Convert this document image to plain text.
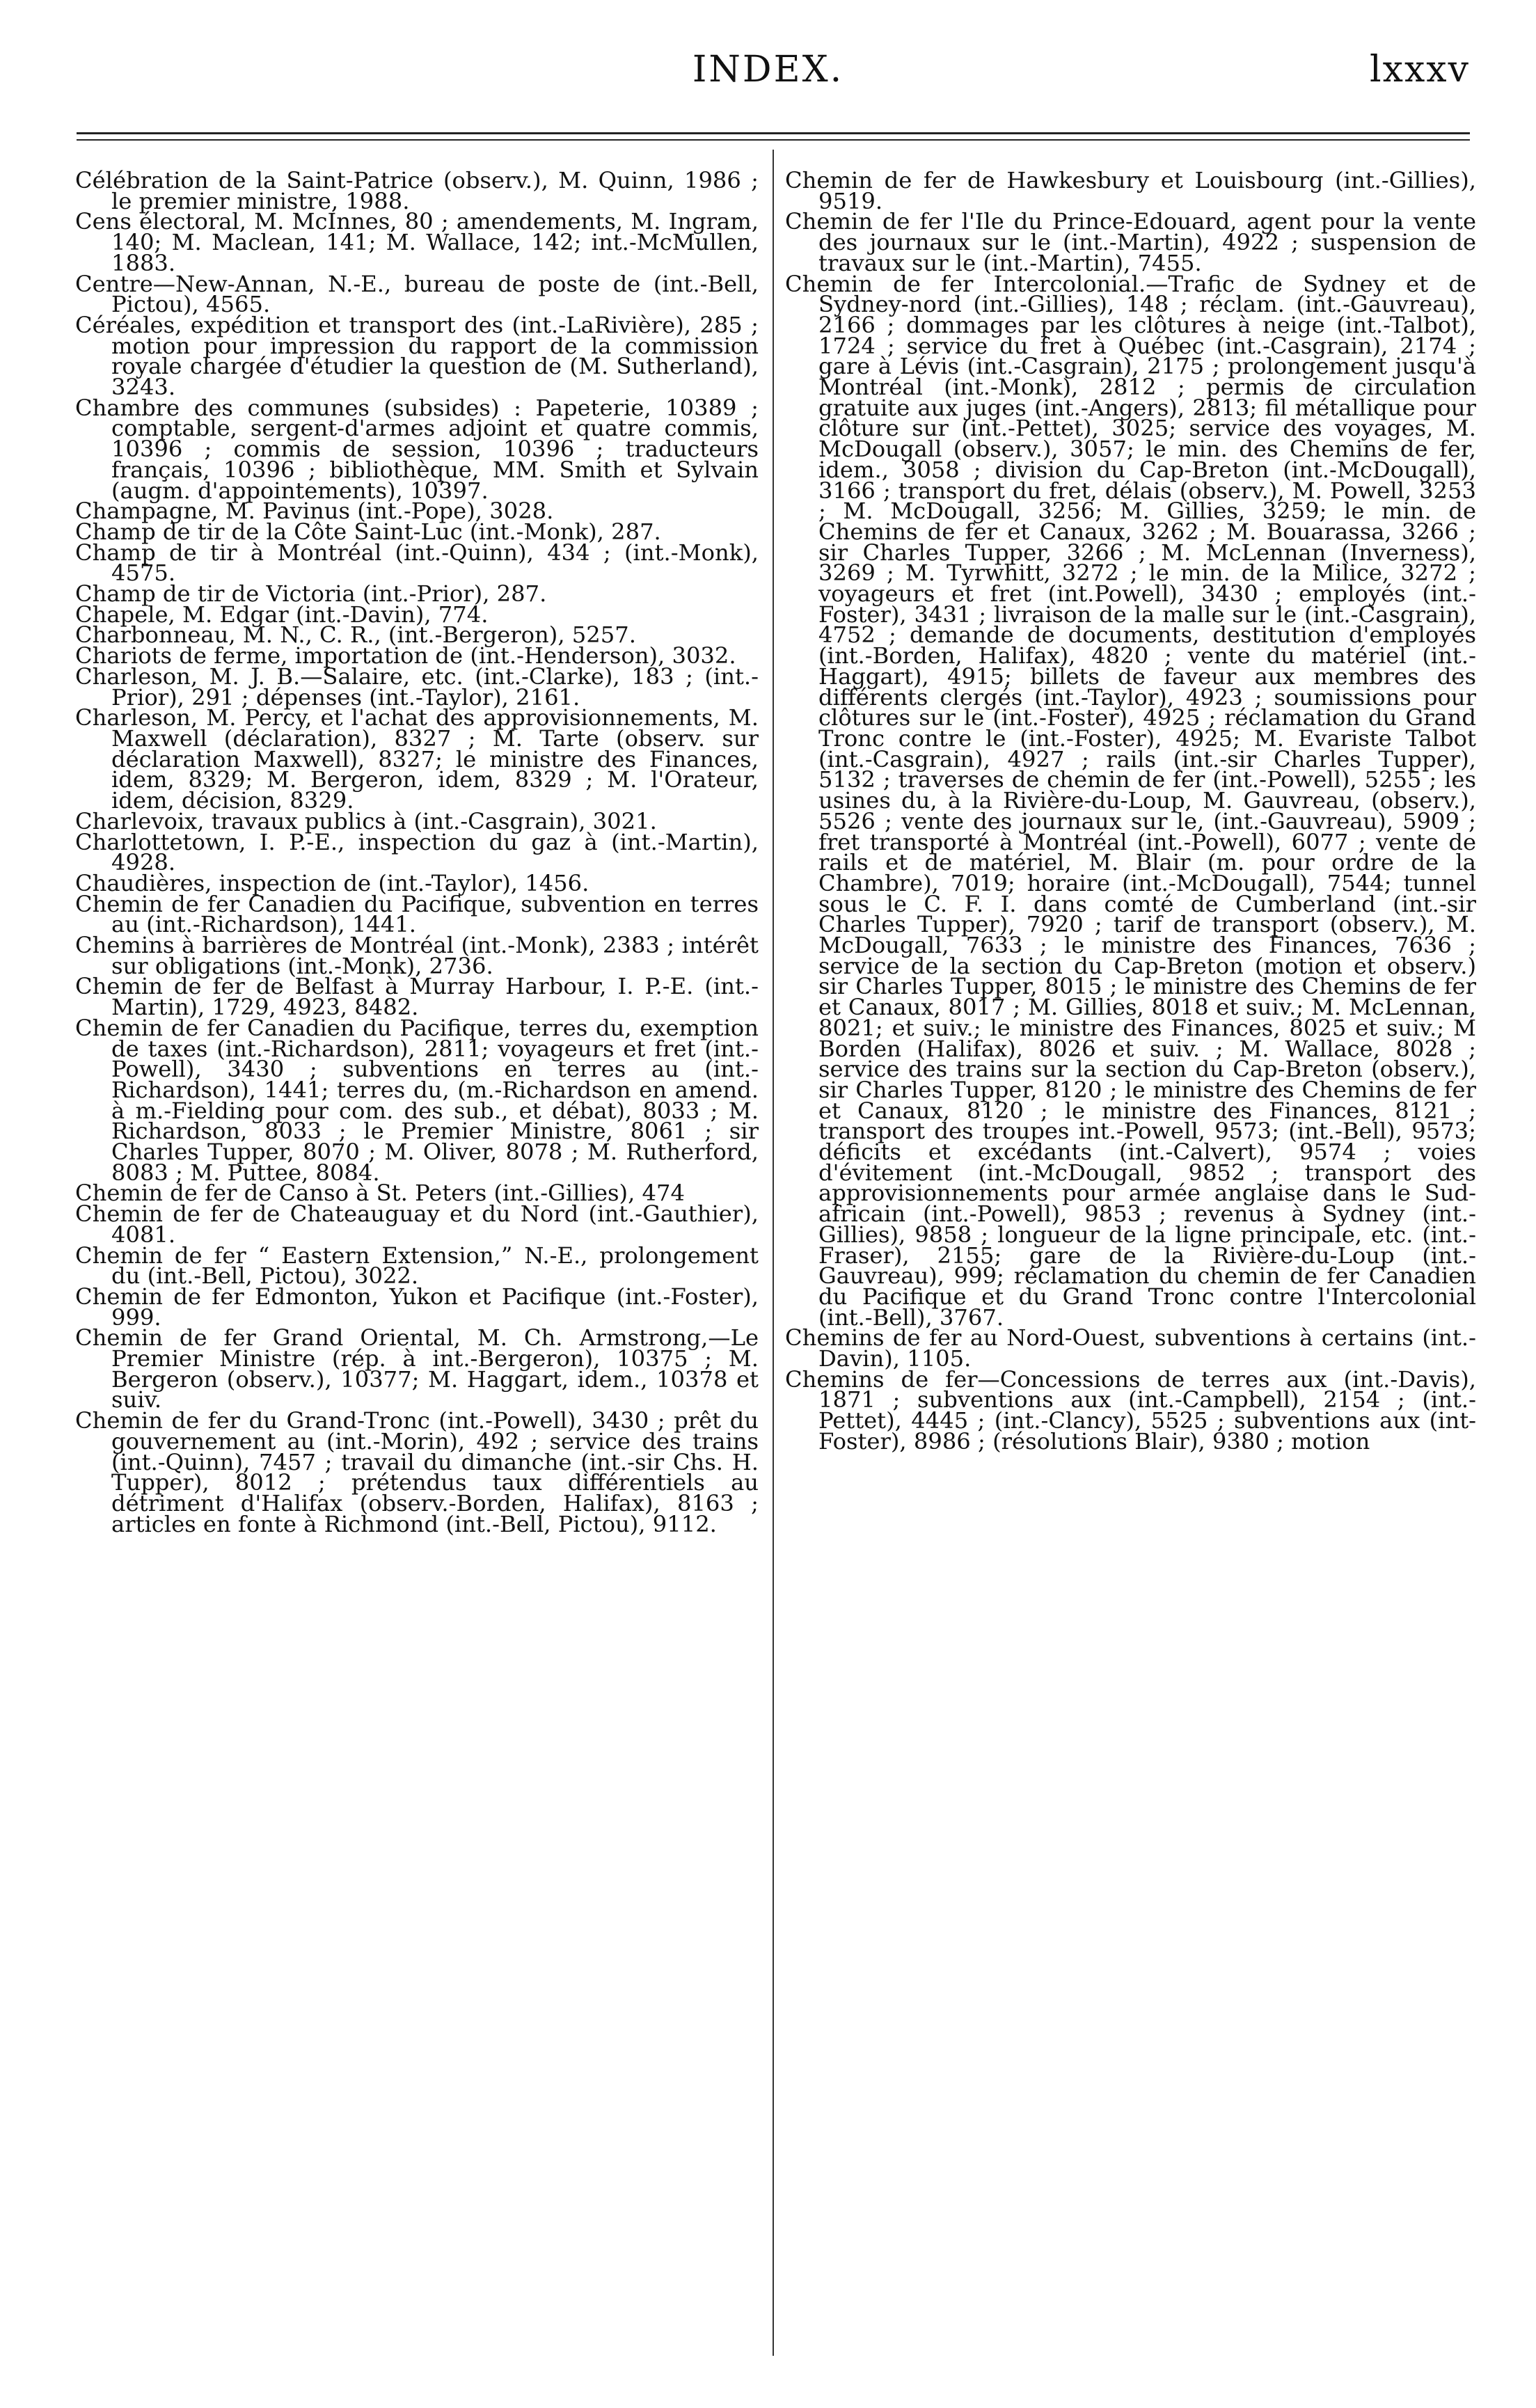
INDEX.	lxxxv

Célébration de la Saint-Patrice (observ.), M. Quinn, 1986 ; le premier ministre, 1988.

Cens électoral, M. McInnes, 80 ; amendements, M. Ingram, 140; M. Maclean, 141; M. Wallace, 142; int.-McMullen, 1883.

Centre—New-Annan, N.-E., bureau de poste de (int.-Bell, Pictou), 4565.

Céréales, expédition et transport des (int.-LaRivière), 285 ; motion pour impression du rapport de la commission royale chargée d'étudier la question de (M. Sutherland), 3243.

Chambre des communes (subsides) : Papeterie, 10389 ; comptable, sergent-d'armes adjoint et quatre commis, 10396 ; commis de session, 10396 ; traducteurs français, 10396 ; bibliothèque, MM. Smith et Sylvain (augm. d'appointements), 10397.

Champagne, M. Pavinus (int.-Pope), 3028.

Champ de tir de la Côte Saint-Luc (int.-Monk), 287.

Champ de tir à Montréal (int.-Quinn), 434 ; (int.-Monk), 4575.

Champ de tir de Victoria (int.-Prior), 287.

Chapele, M. Edgar (int.-Davin), 774.

Charbonneau, M. N., C. R., (int.-Bergeron), 5257.

Chariots de ferme, importation de (int.-Henderson), 3032.

Charleson, M. J. B.—Salaire, etc. (int.-Clarke), 183 ; (int.-Prior), 291 ; dépenses (int.-Taylor), 2161.

Charleson, M. Percy, et l'achat des approvisionnements, M. Maxwell (déclaration), 8327 ; M. Tarte (observ. sur déclaration Maxwell), 8327; le ministre des Finances, idem, 8329; M. Bergeron, idem, 8329 ; M. l'Orateur, idem, décision, 8329.

Charlevoix, travaux publics à (int.-Casgrain), 3021.

Charlottetown, I. P.-E., inspection du gaz à (int.-Martin), 4928.

Chaudières, inspection de (int.-Taylor), 1456.

Chemin de fer Canadien du Pacifique, subvention en terres au (int.-Richardson), 1441.

Chemins à barrières de Montréal (int.-Monk), 2383 ; intérêt sur obligations (int.-Monk), 2736.

Chemin de fer de Belfast à Murray Harbour, I. P.-E. (int.-Martin), 1729, 4923, 8482.

Chemin de fer Canadien du Pacifique, terres du, exemption de taxes (int.-Richardson), 2811; voyageurs et fret (int.-Powell), 3430 ; subventions en terres au (int.-Richardson), 1441; terres du, (m.-Richardson en amend. à m.-Fielding pour com. des sub., et débat), 8033 ; M. Richardson, 8033 ; le Premier Ministre, 8061 ; sir Charles Tupper, 8070 ; M. Oliver, 8078 ; M. Rutherford, 8083 ; M. Puttee, 8084.

Chemin de fer de Canso à St. Peters (int.-Gillies), 474

Chemin de fer de Chateauguay et du Nord (int.-Gauthier), 4081.

Chemin de fer “ Eastern Extension,” N.-E., prolongement du (int.-Bell, Pictou), 3022.

Chemin de fer Edmonton, Yukon et Pacifique (int.-Foster), 999.

Chemin de fer Grand Oriental, M. Ch. Armstrong,—Le Premier Ministre (rép. à int.-Bergeron), 10375 ; M. Bergeron (observ.), 10377; M. Haggart, idem., 10378 et suiv.

Chemin de fer du Grand-Tronc (int.-Powell), 3430 ; prêt du gouvernement au (int.-Morin), 492 ; service des trains (int.-Quinn), 7457 ; travail du dimanche (int.-sir Chs. H. Tupper), 8012 ; prétendus taux différentiels au détriment d'Halifax (observ.-Borden, Halifax), 8163 ; articles en fonte à Richmond (int.-Bell, Pictou), 9112.

Chemin de fer de Hawkesbury et Louisbourg (int.-Gillies), 9519.

Chemin de fer l'Ile du Prince-Edouard, agent pour la vente des journaux sur le (int.-Martin), 4922 ; suspension de travaux sur le (int.-Martin), 7455.

Chemin de fer Intercolonial.—Trafic de Sydney et de Sydney-nord (int.-Gillies), 148 ; réclam. (int.-Gauvreau), 2166 ; dommages par les clôtures à neige (int.-Talbot), 1724 ; service du fret à Québec (int.-Casgrain), 2174 ; gare à Lévis (int.-Casgrain), 2175 ; prolongement jusqu'à Montréal (int.-Monk), 2812 ; permis de circulation gratuite aux juges (int.-Angers), 2813; fil métallique pour clôture sur (int.-Pettet), 3025; service des voyages, M. McDougall (observ.), 3057; le min. des Chemins de fer, idem., 3058 ; division du Cap-Breton (int.-McDougall), 3166 ; transport du fret, délais (observ.), M. Powell, 3253 ; M. McDougall, 3256; M. Gillies, 3259; le min. de Chemins de fer et Canaux, 3262 ; M. Bouarassa, 3266 ; sir Charles Tupper, 3266 ; M. McLennan (Inverness), 3269 ; M. Tyrwhitt, 3272 ; le min. de la Milice, 3272 ; voyageurs et fret (int.Powell), 3430 ; employés (int.-Foster), 3431 ; livraison de la malle sur le (int.-Casgrain), 4752 ; demande de documents, destitution d'employés (int.-Borden, Halifax), 4820 ; vente du matériel (int.-Haggart), 4915; billets de faveur aux membres des différents clergés (int.-Taylor), 4923 ; soumissions pour clôtures sur le (int.-Foster), 4925 ; réclamation du Grand Tronc contre le (int.-Foster), 4925; M. Evariste Talbot (int.-Casgrain), 4927 ; rails (int.-sir Charles Tupper), 5132 ; traverses de chemin de fer (int.-Powell), 5255 ; les usines du, à la Rivière-du-Loup, M. Gauvreau, (observ.), 5526 ; vente des journaux sur le, (int.-Gauvreau), 5909 ; fret transporté à Montréal (int.-Powell), 6077 ; vente de rails et de matériel, M. Blair (m. pour ordre de la Chambre), 7019; horaire (int.-McDougall), 7544; tunnel sous le C. F. I. dans comté de Cumberland (int.-sir Charles Tupper), 7920 ; tarif de transport (observ.), M. McDougall, 7633 ; le ministre des Finances, 7636 ; service de la section du Cap-Breton (motion et observ.) sir Charles Tupper, 8015 ; le ministre des Chemins de fer et Canaux, 8017 ; M. Gillies, 8018 et suiv.; M. McLennan, 8021; et suiv.; le ministre des Finances, 8025 et suiv.; M Borden (Halifax), 8026 et suiv. ; M. Wallace, 8028 ; service des trains sur la section du Cap-Breton (observ.), sir Charles Tupper, 8120 ; le ministre des Chemins de fer et Canaux, 8120 ; le ministre des Finances, 8121 ; transport des troupes int.-Powell, 9573; (int.-Bell), 9573; déficits et excédants (int.-Calvert), 9574 ; voies d'évitement (int.-McDougall, 9852 ; transport des approvisionnements pour armée anglaise dans le Sud-africain (int.-Powell), 9853 ; revenus à Sydney (int.-Gillies), 9858 ; longueur de la ligne principale, etc. (int.-Fraser), 2155; gare de la Rivière-du-Loup (int.-Gauvreau), 999; réclamation du chemin de fer Canadien du Pacifique et du Grand Tronc contre l'Intercolonial (int.-Bell), 3767.

Chemins de fer au Nord-Ouest, subventions à certains (int.-Davin), 1105.

Chemins de fer—Concessions de terres aux (int.-Davis), 1871 ; subventions aux (int.-Campbell), 2154 ; (int.-Pettet), 4445 ; (int.-Clancy), 5525 ; subventions aux (int-Foster), 8986 ; (résolutions Blair), 9380 ; motion
